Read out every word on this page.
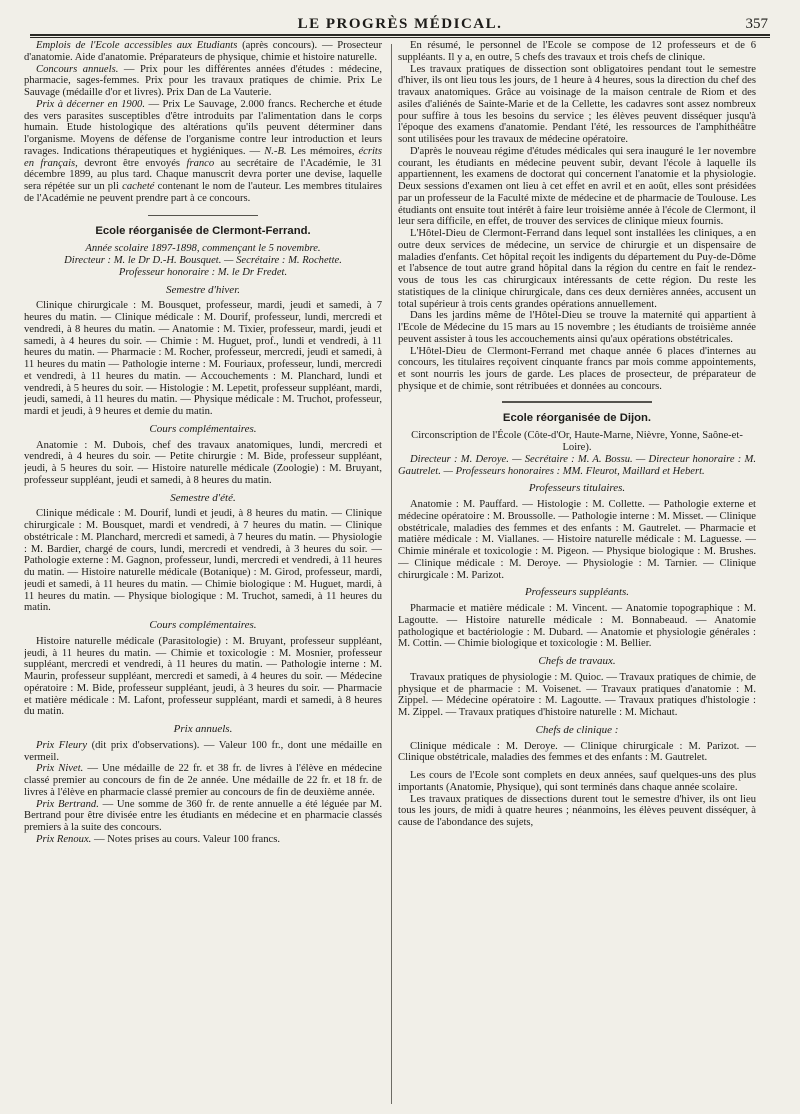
LE PROGRÈS MÉDICAL.	357

Emplois de l'Ecole accessibles aux Etudiants (après concours). — Prosecteur d'anatomie. Aide d'anatomie. Préparateurs de physique, chimie et histoire naturelle.

Concours annuels. — Prix pour les différentes années d'études : médecine, pharmacie, sages-femmes. Prix pour les travaux pratiques de chimie. Prix Le Sauvage (médaille d'or et livres). Prix Dan de La Vauterie.

Prix à décerner en 1900. — Prix Le Sauvage, 2.000 francs. Recherche et étude des vers parasites susceptibles d'être introduits par l'alimentation dans le corps humain. Etude histologique des altérations qu'ils peuvent déterminer dans l'organisme. Moyens de défense de l'organisme contre leur introduction et leurs ravages. Indications thérapeutiques et hygiéniques. — N.-B. Les mémoires, écrits en français, devront être envoyés franco au secrétaire de l'Académie, le 31 décembre 1899, au plus tard. Chaque manuscrit devra porter une devise, laquelle sera répétée sur un pli cacheté contenant le nom de l'auteur. Les membres titulaires de l'Académie ne peuvent prendre part à ce concours.

Ecole réorganisée de Clermont-Ferrand.

Année scolaire 1897-1898, commençant le 5 novembre.

Directeur : M. le Dr D.-H. Bousquet. — Secrétaire : M. Rochette.

Professeur honoraire : M. le Dr Fredet.

Semestre d'hiver.

Clinique chirurgicale : M. Bousquet, professeur, mardi, jeudi et samedi, à 7 heures du matin. — Clinique médicale : M. Dourif, professeur, lundi, mercredi et vendredi, à 8 heures du matin. — Anatomie : M. Tixier, professeur, mardi, jeudi et samedi, à 4 heures du soir. — Chimie : M. Huguet, prof., lundi et vendredi, à 11 heures du matin. — Pharmacie : M. Rocher, professeur, mercredi, jeudi et samedi, à 11 heures du matin — Pathologie interne : M. Fouriaux, professeur, lundi, mercredi et vendredi, à 11 heures du matin. — Accouchements : M. Planchard, lundi et vendredi, à 5 heures du soir. — Histologie : M. Lepetit, professeur suppléant, mardi, jeudi, samedi, à 11 heures du matin. — Physique médicale : M. Truchot, professeur, mardi et jeudi, à 9 heures et demie du matin.

Cours complémentaires.

Anatomie : M. Dubois, chef des travaux anatomiques, lundi, mercredi et vendredi, à 4 heures du soir. — Petite chirurgie : M. Bide, professeur suppléant, jeudi, à 5 heures du soir. — Histoire naturelle médicale (Zoologie) : M. Bruyant, professeur suppléant, jeudi et samedi, à 8 heures du matin.

Semestre d'été.

Clinique médicale : M. Dourif, lundi et jeudi, à 8 heures du matin. — Clinique chirurgicale : M. Bousquet, mardi et vendredi, à 7 heures du matin. — Clinique obstétricale : M. Planchard, mercredi et samedi, à 7 heures du matin. — Physiologie : M. Bardier, chargé de cours, lundi, mercredi et vendredi, à 3 heures du soir. — Pathologie externe : M. Gagnon, professeur, lundi, mercredi et vendredi, à 11 heures du matin. — Histoire naturelle médicale (Botanique) : M. Girod, professeur, mardi, jeudi et samedi, à 11 heures du matin. — Chimie biologique : M. Huguet, mardi, à 11 heures du matin. — Physique biologique : M. Truchot, samedi, à 11 heures du matin.

Cours complémentaires.

Histoire naturelle médicale (Parasitologie) : M. Bruyant, professeur suppléant, jeudi, à 11 heures du matin. — Chimie et toxicologie : M. Mosnier, professeur suppléant, mercredi et vendredi, à 11 heures du matin. — Pathologie interne : M. Maurin, professeur suppléant, mercredi et samedi, à 4 heures du soir. — Médecine opératoire : M. Bide, professeur suppléant, jeudi, à 3 heures du soir. — Pharmacie et matière médicale : M. Lafont, professeur suppléant, mardi et samedi, à 8 heures du matin.

Prix annuels.

Prix Fleury (dit prix d'observations). — Valeur 100 fr., dont une médaille en vermeil.

Prix Nivet. — Une médaille de 22 fr. et 38 fr. de livres à l'élève en médecine classé premier au concours de fin de 2e année. Une médaille de 22 fr. et 18 fr. de livres à l'élève en pharmacie classé premier au concours de fin de deuxième année.

Prix Bertrand. — Une somme de 360 fr. de rente annuelle a été léguée par M. Bertrand pour être divisée entre les étudiants en médecine et en pharmacie classés premiers à la suite des concours.

Prix Renoux. — Notes prises au cours. Valeur 100 francs.

En résumé, le personnel de l'Ecole se compose de 12 professeurs et de 6 suppléants. Il y a, en outre, 5 chefs des travaux et trois chefs de clinique.

Les travaux pratiques de dissection sont obligatoires pendant tout le semestre d'hiver, ils ont lieu tous les jours, de 1 heure à 4 heures, sous la direction du chef des travaux anatomiques. Grâce au voisinage de la maison centrale de Riom et des asiles d'aliénés de Sainte-Marie et de la Cellette, les cadavres sont assez nombreux pour suffire à tous les besoins du service ; les élèves peuvent disséquer jusqu'à l'époque des examens d'anatomie. Pendant l'été, les ressources de l'amphithéâtre sont utilisées pour les travaux de médecine opératoire.

D'après le nouveau régime d'études médicales qui sera inauguré le 1er novembre courant, les étudiants en médecine peuvent subir, devant l'école à laquelle ils appartiennent, les examens de doctorat qui concernent l'anatomie et la physiologie. Deux sessions d'examen ont lieu à cet effet en avril et en août, elles sont présidées par un professeur de la Faculté mixte de médecine et de pharmacie de Toulouse. Les étudiants ont ensuite tout intérêt à faire leur troisième année à l'école de Clermont, il leur sera difficile, en effet, de trouver des services de clinique mieux fournis.

L'Hôtel-Dieu de Clermont-Ferrand dans lequel sont installées les cliniques, a en outre deux services de médecine, un service de chirurgie et un dispensaire de maladies d'enfants. Cet hôpital reçoit les indigents du département du Puy-de-Dôme et l'absence de tout autre grand hôpital dans la région du centre en fait le rendez-vous de tous les cas chirurgicaux intéressants de cette région. Du reste les statistiques de la clinique chirurgicale, dans ces deux dernières années, accusent un total supérieur à trois cents grandes opérations annuellement.

Dans les jardins même de l'Hôtel-Dieu se trouve la maternité qui appartient à l'Ecole de Médecine du 15 mars au 15 novembre ; les étudiants de troisième année peuvent assister à tous les accouchements ainsi qu'aux opérations obstétricales.

L'Hôtel-Dieu de Clermont-Ferrand met chaque année 6 places d'internes au concours, les titulaires reçoivent cinquante francs par mois comme appointements, et sont nourris les jours de garde. Les places de prosecteur, de préparateur de physique et de chimie, sont rétribuées et données au concours.

Ecole réorganisée de Dijon.

Circonscription de l'École (Côte-d'Or, Haute-Marne, Nièvre, Yonne, Saône-et-Loire).

Directeur : M. Deroye. — Secrétaire : M. A. Bossu. — Directeur honoraire : M. Gautrelet. — Professeurs honoraires : MM. Fleurot, Maillard et Hebert.

Professeurs titulaires.

Anatomie : M. Pauffard. — Histologie : M. Collette. — Pathologie externe et médecine opératoire : M. Broussolle. — Pathologie interne : M. Misset. — Clinique obstétricale, maladies des femmes et des enfants : M. Gautrelet. — Pharmacie et matière médicale : M. Viallanes. — Histoire naturelle médicale : M. Laguesse. — Chimie minérale et toxicologie : M. Pigeon. — Physique biologique : M. Brushes. — Clinique médicale : M. Deroye. — Physiologie : M. Tarnier. — Clinique chirurgicale : M. Parizot.

Professeurs suppléants.

Pharmacie et matière médicale : M. Vincent. — Anatomie topographique : M. Lagoutte. — Histoire naturelle médicale : M. Bonnabeaud. — Anatomie pathologique et bactériologie : M. Dubard. — Anatomie et physiologie générales : M. Cottin. — Chimie biologique et toxicologie : M. Bellier.

Chefs de travaux.

Travaux pratiques de physiologie : M. Quioc. — Travaux pratiques de chimie, de physique et de pharmacie : M. Voisenet. — Travaux pratiques d'anatomie : M. Zippel. — Médecine opératoire : M. Lagoutte. — Travaux pratiques d'histologie : M. Zippel. — Travaux pratiques d'histoire naturelle : M. Michaut.

Chefs de clinique :

Clinique médicale : M. Deroye. — Clinique chirurgicale : M. Parizot. — Clinique obstétricale, maladies des femmes et des enfants : M. Gautrelet.

Les cours de l'Ecole sont complets en deux années, sauf quelques-uns des plus importants (Anatomie, Physique), qui sont terminés dans chaque année scolaire.

Les travaux pratiques de dissections durent tout le semestre d'hiver, ils ont lieu tous les jours, de midi à quatre heures ; néanmoins, les élèves peuvent disséquer, à cause de l'abondance des sujets,
